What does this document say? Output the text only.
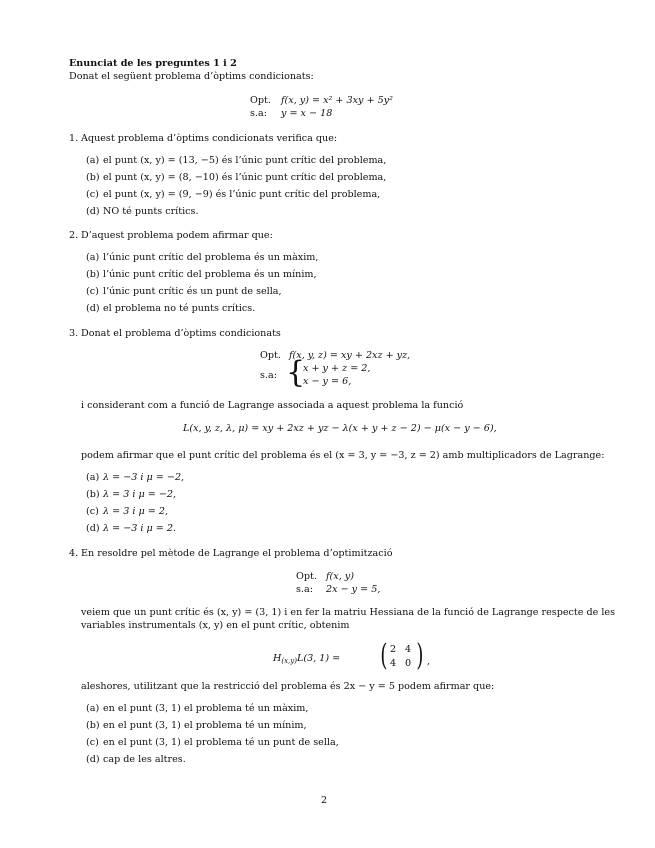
Enunciat de les preguntes 1 i 2
Donat el següent problema d’òptims condicionats:
Opt. f(x, y) = x² + 3xy + 5y²
s.a: y = x − 18
1. Aquest problema d’òptims condicionats verifica que:
(a) el punt (x, y) = (13, −5) és l’únic punt crític del problema,
(b) el punt (x, y) = (8, −10) és l’únic punt crític del problema,
(c) el punt (x, y) = (9, −9) és l’únic punt crític del problema,
(d) NO té punts crítics.
2. D’aquest problema podem afirmar que:
(a) l’únic punt crític del problema és un màxim,
(b) l’únic punt crític del problema és un mínim,
(c) l’únic punt crític és un punt de sella,
(d) el problema no té punts crítics.
3. Donat el problema d’òptims condicionats
Opt. f(x, y, z) = xy + 2xz + yz,
s.a: {
x + y + z = 2,
x − y = 6,
i considerant com a funció de Lagrange associada a aquest problema la funció
L(x, y, z, λ, μ) = xy + 2xz + yz − λ(x + y + z − 2) − μ(x − y − 6),
podem afirmar que el punt crític del problema és el (x = 3, y = −3, z = 2) amb multiplicadors de Lagrange:
(a) λ = −3 i μ = −2,
(b) λ = 3 i μ = −2,
(c) λ = 3 i μ = 2,
(d) λ = −3 i μ = 2.
4. En resoldre pel mètode de Lagrange el problema d’optimització
Opt. f(x, y)
s.a: 2x − y = 5,
veiem que un punt crític és (x, y) = (3, 1) i en fer la matriu Hessiana de la funció de Lagrange respecte de les
variables instrumentals (x, y) en el punt crític, obtenim
$H_{(x,y)}L(3$, 1) = ( 2 4
4 0 ) ,
aleshores, utilitzant que la restricció del problema és 2x − y = 5 podem afirmar que:
(a) en el punt (3, 1) el problema té un màxim,
(b) en el punt (3, 1) el problema té un mínim,
(c) en el punt (3, 1) el problema té un punt de sella,
(d) cap de les altres.
2
